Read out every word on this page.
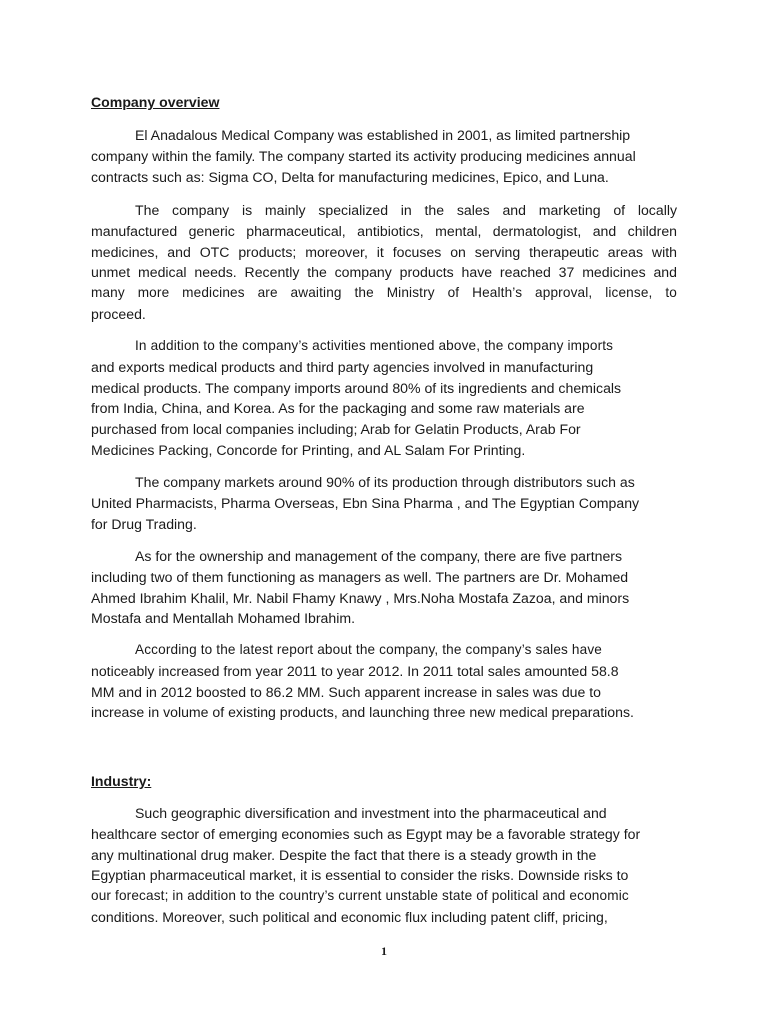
Company overview
El Anadalous Medical Company was established in 2001, as limited partnership
company within the family. The company started its activity producing medicines annual
contracts such as: Sigma CO, Delta for manufacturing medicines, Epico, and Luna.
The company is mainly specialized in the sales and marketing of locally
manufactured generic pharmaceutical, antibiotics, mental, dermatologist, and children
medicines, and OTC products; moreover, it focuses on serving therapeutic areas with
unmet medical needs. Recently the company products have reached 37 medicines and
many more medicines are awaiting the Ministry of Health’s approval, license, to
proceed.
In addition to the company’s activities mentioned above, the company imports
and exports medical products and third party agencies involved in manufacturing
medical products. The company imports around 80% of its ingredients and chemicals
from India, China, and Korea. As for the packaging and some raw materials are
purchased from local companies including; Arab for Gelatin Products, Arab For
Medicines Packing, Concorde for Printing, and AL Salam For Printing.
The company markets around 90% of its production through distributors such as
United Pharmacists, Pharma Overseas, Ebn Sina Pharma , and The Egyptian Company
for Drug Trading.
As for the ownership and management of the company, there are five partners
including two of them functioning as managers as well. The partners are Dr. Mohamed
Ahmed Ibrahim Khalil, Mr. Nabil Fhamy Knawy , Mrs.Noha Mostafa Zazoa, and minors
Mostafa and Mentallah Mohamed Ibrahim.
According to the latest report about the company, the company’s sales have
noticeably increased from year 2011 to year 2012. In 2011 total sales amounted 58.8
MM and in 2012 boosted to 86.2 MM. Such apparent increase in sales was due to
increase in volume of existing products, and launching three new medical preparations.
Industry:
Such geographic diversification and investment into the pharmaceutical and
healthcare sector of emerging economies such as Egypt may be a favorable strategy for
any multinational drug maker. Despite the fact that there is a steady growth in the
Egyptian pharmaceutical market, it is essential to consider the risks. Downside risks to
our forecast; in addition to the country’s current unstable state of political and economic
conditions. Moreover, such political and economic flux including patent cliff, pricing,
1
